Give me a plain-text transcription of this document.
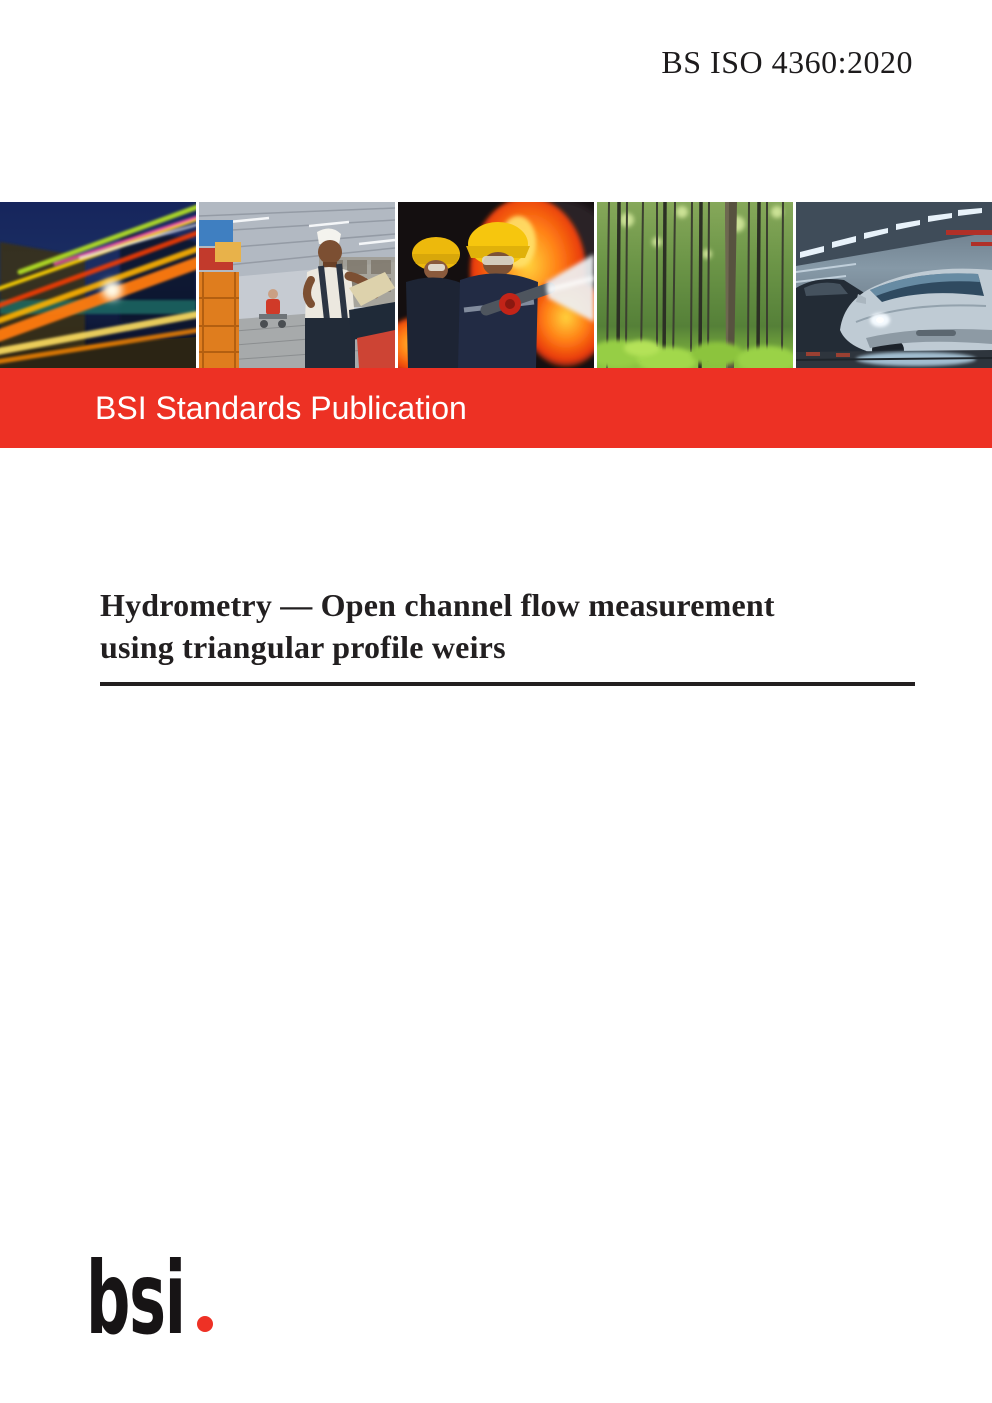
BS ISO 4360:2020
BSI Standards Publication
Hydrometry — Open channel flow measurement
using triangular profile weirs
bsi
